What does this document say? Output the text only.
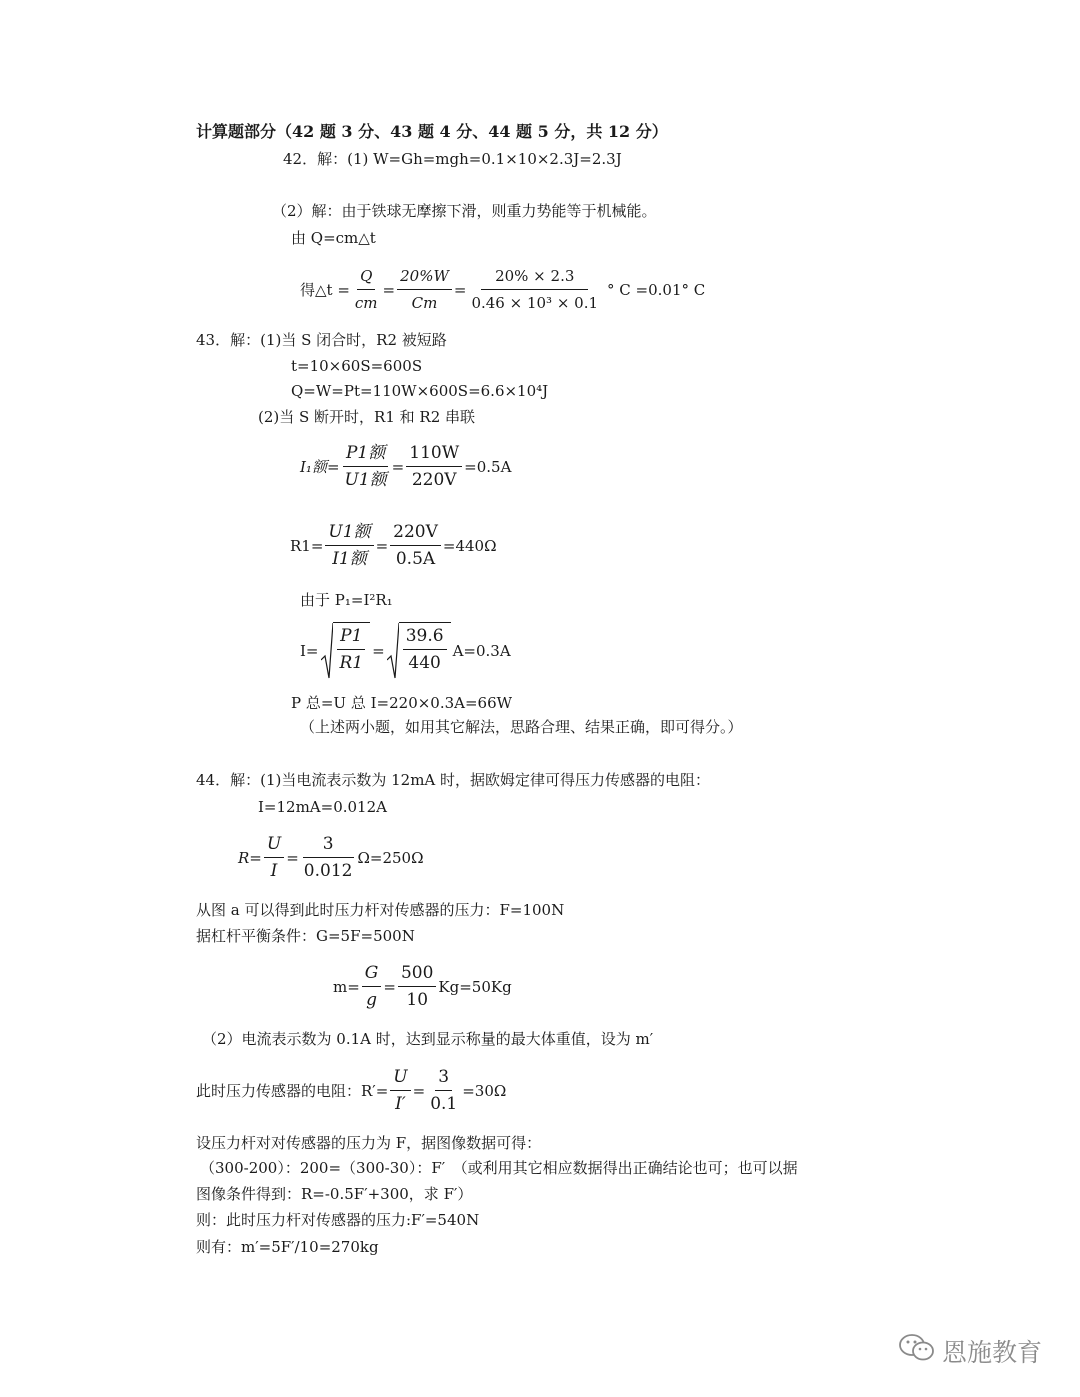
计算题部分（42 题 3 分、43 题 4 分、44 题 5 分，共 12 分）
42．解：(1) W=Gh=mgh=0.1×10×2.3J=2.3J
（2）解：由于铁球无摩擦下滑，则重力势能等于机械能。
由 Q=cm△t
得△t = $\frac{Q}{cm} = \frac{20\%W}{Cm} = \frac{20\% \times 2.3}{\text{0.46 × 10³ × 0.1}}$ ° C =0.01° C
43．解：(1)当 S 闭合时，R2 被短路
t=10×60S=600S
Q=W=Pt=110W×600S=6.6×10⁴J
(2)当 S 断开时，R1 和 R2 串联
I₁额= $\frac{\text{P1额}}{\text{U1额}} = \frac{110W}{220V} =0.5A$
$R1= \frac{\text{U1额}}{\text{I1额}} = \frac{220V}{0.5A} =440\Omega$
由于 P₁=I²R₁
$I= \frac{P1}{R1} = \frac{39.6}{440} A=0.3A$
P 总=U 总 I=220×0.3A=66W
（上述两小题，如用其它解法，思路合理、结果正确，即可得分。）
44．解：(1)当电流表示数为 12mA 时，据欧姆定律可得压力传感器的电阻：
I=12mA=0.012A
$R= \frac{U}{I} = \frac{3}{0.012} \Omega=250\Omega$
从图 a 可以得到此时压力杆对传感器的压力：F=100N
据杠杆平衡条件：G=5F=500N
$m= \frac{G}{g} = \frac{500}{10} Kg=50Kg$
（2）电流表示数为 0.1A 时，达到显示称量的最大体重值，设为 m′
此时压力传感器的电阻：$R'= \frac{U}{I'} = \frac{3}{0.1} =30\Omega$
设压力杆对对传感器的压力为 F，据图像数据可得：
（300-200）：200=（300-30）：F′　（或利用其它相应数据得出正确结论也可；也可以据
图像条件得到：R=-0.5F′+300，求 F′）
则：此时压力杆对传感器的压力:F′=540N
则有：m′=5F′/10=270kg
恩施教育
